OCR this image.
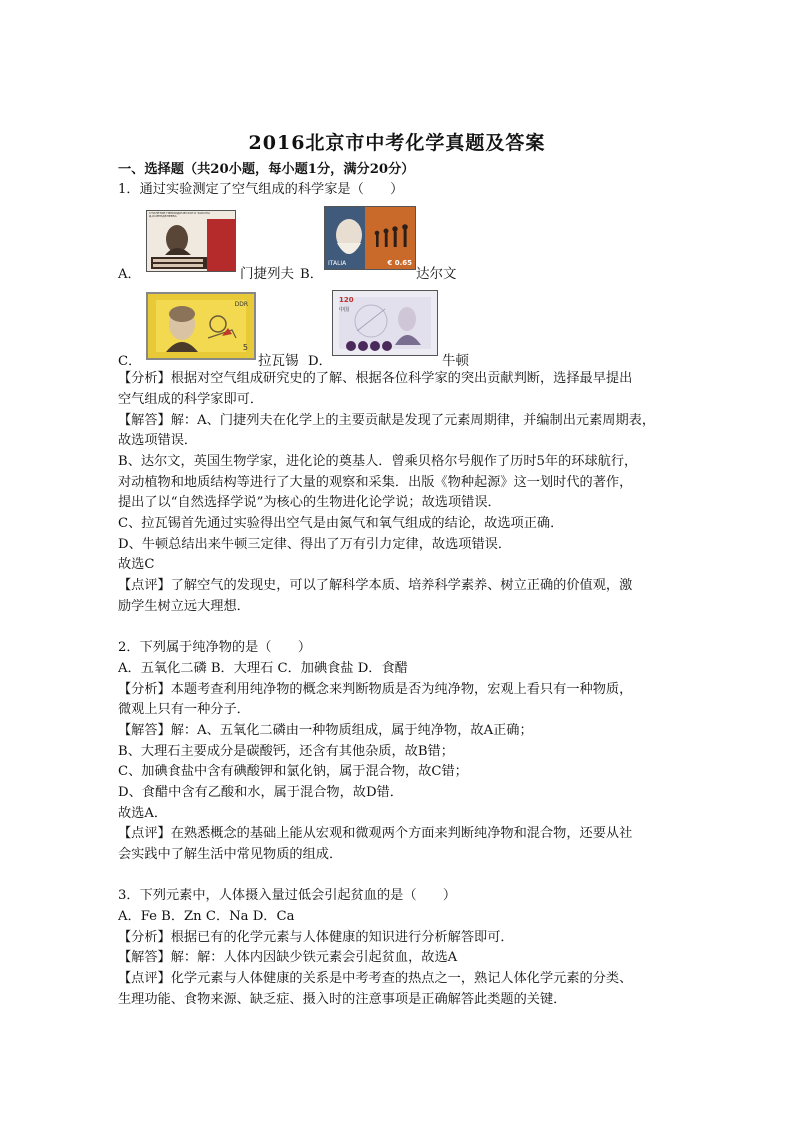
2016北京市中考化学真题及答案
一、选择题（共20小题，每小题1分，满分20分）
1．通过实验测定了空气组成的科学家是（　　）
СТОЛЕТИЕ ПЕРИОДИЧЕСКОГО ЗАКОНА Д.И.МЕНДЕЛЕЕВА
A．	门捷列夫
ITALIA	€ 0.65
B．	达尔文
DDR
5
C．	拉瓦锡
120
中国
D．	牛顿
【分析】根据对空气组成研究史的了解、根据各位科学家的突出贡献判断，选择最早提出
空气组成的科学家即可．
【解答】解：A、门捷列夫在化学上的主要贡献是发现了元素周期律，并编制出元素周期表，
故选项错误．
B、达尔文，英国生物学家，进化论的奠基人．曾乘贝格尔号舰作了历时5年的环球航行，
对动植物和地质结构等进行了大量的观察和采集．出版《物种起源》这一划时代的著作，
提出了以“自然选择学说”为核心的生物进化论学说；故选项错误．
C、拉瓦锡首先通过实验得出空气是由氮气和氧气组成的结论，故选项正确．
D、牛顿总结出来牛顿三定律、得出了万有引力定律，故选项错误．
故选C
【点评】了解空气的发现史，可以了解科学本质、培养科学素养、树立正确的价值观，激
励学生树立远大理想．
2．下列属于纯净物的是（　　）
A．五氧化二磷 B．大理石 C．加碘食盐 D．食醋
【分析】本题考查利用纯净物的概念来判断物质是否为纯净物，宏观上看只有一种物质，
微观上只有一种分子．
【解答】解：A、五氧化二磷由一种物质组成，属于纯净物，故A正确；
B、大理石主要成分是碳酸钙，还含有其他杂质，故B错；
C、加碘食盐中含有碘酸钾和氯化钠，属于混合物，故C错；
D、食醋中含有乙酸和水，属于混合物，故D错．
故选A．
【点评】在熟悉概念的基础上能从宏观和微观两个方面来判断纯净物和混合物，还要从社
会实践中了解生活中常见物质的组成．
3．下列元素中，人体摄入量过低会引起贫血的是（　　）
A．Fe B．Zn C．Na D．Ca
【分析】根据已有的化学元素与人体健康的知识进行分析解答即可．
【解答】解：解：人体内因缺少铁元素会引起贫血，故选A
【点评】化学元素与人体健康的关系是中考考查的热点之一，熟记人体化学元素的分类、
生理功能、食物来源、缺乏症、摄入时的注意事项是正确解答此类题的关键．
